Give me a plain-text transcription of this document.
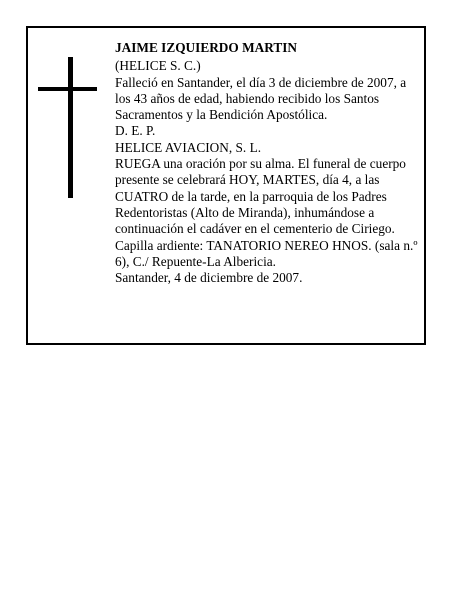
JAIME IZQUIERDO MARTIN

(HELICE S. C.)

Falleció en Santander, el día 3 de diciembre de 2007, a los 43 años de edad, habiendo recibido los Santos Sacramentos y la Bendición Apostólica.

D. E. P.

HELICE AVIACION, S. L.

RUEGA una oración por su alma. El funeral de cuerpo presente se celebrará HOY, MARTES, día 4, a las CUATRO de la tarde, en la parroquia de los Padres Redentoristas (Alto de Miranda), inhumándose a continuación el cadáver en el cementerio de Ciriego.

Capilla ardiente: TANATORIO NEREO HNOS. (sala n.º 6), C./ Repuente-La Albericia.

Santander, 4 de diciembre de 2007.
